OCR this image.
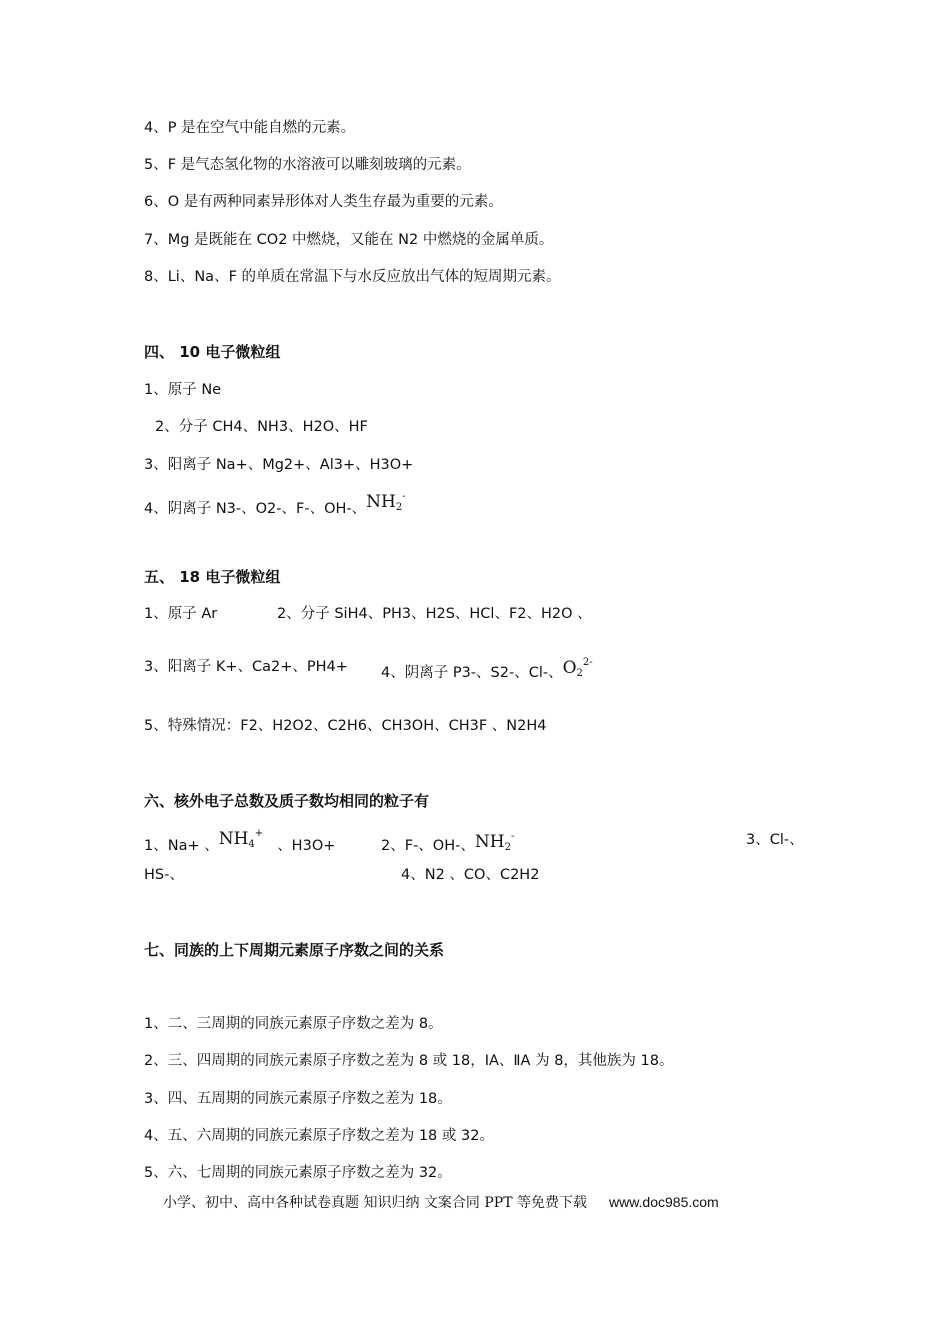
4、P 是在空气中能自燃的元素。
5、F 是气态氢化物的水溶液可以雕刻玻璃的元素。
6、O 是有两种同素异形体对人类生存最为重要的元素。
7、Mg 是既能在 CO2 中燃烧，又能在 N2 中燃烧的金属单质。
8、Li、Na、F 的单质在常温下与水反应放出气体的短周期元素。
四、 10 电子微粒组
1、原子 Ne
2、分子 CH4、NH3、H2O、HF
3、阳离子 Na+、Mg2+、Al3+、H3O+
4、阴离子 N3-、O2-、F-、OH-、$NH_2^-$
五、 18 电子微粒组
1、原子 Ar	2、分子 SiH4、PH3、H2S、HCl、F2、H2O 、
3、阳离子 K+、Ca2+、PH4+ 4、阴离子 P3-、S2-、Cl-、$O_2^{2-}$
5、特殊情况：F2、H2O2、C2H6、CH3OH、CH3F 、N2H4
六、核外电子总数及质子数均相同的粒子有
1、Na+ 、$NH_4^+$、H3O+	2、F-、OH-、$NH_2^-$	3、Cl-、
HS-、	4、N2 、CO、C2H2
七、同族的上下周期元素原子序数之间的关系
1、二、三周期的同族元素原子序数之差为 8。
2、三、四周期的同族元素原子序数之差为 8 或 18，ⅠA、ⅡA 为 8，其他族为 18。
3、四、五周期的同族元素原子序数之差为 18。
4、五、六周期的同族元素原子序数之差为 18 或 32。
5、六、七周期的同族元素原子序数之差为 32。
小学、初中、高中各种试卷真题 知识归纳 文案合同 PPT 等免费下载 www.doc985.com
